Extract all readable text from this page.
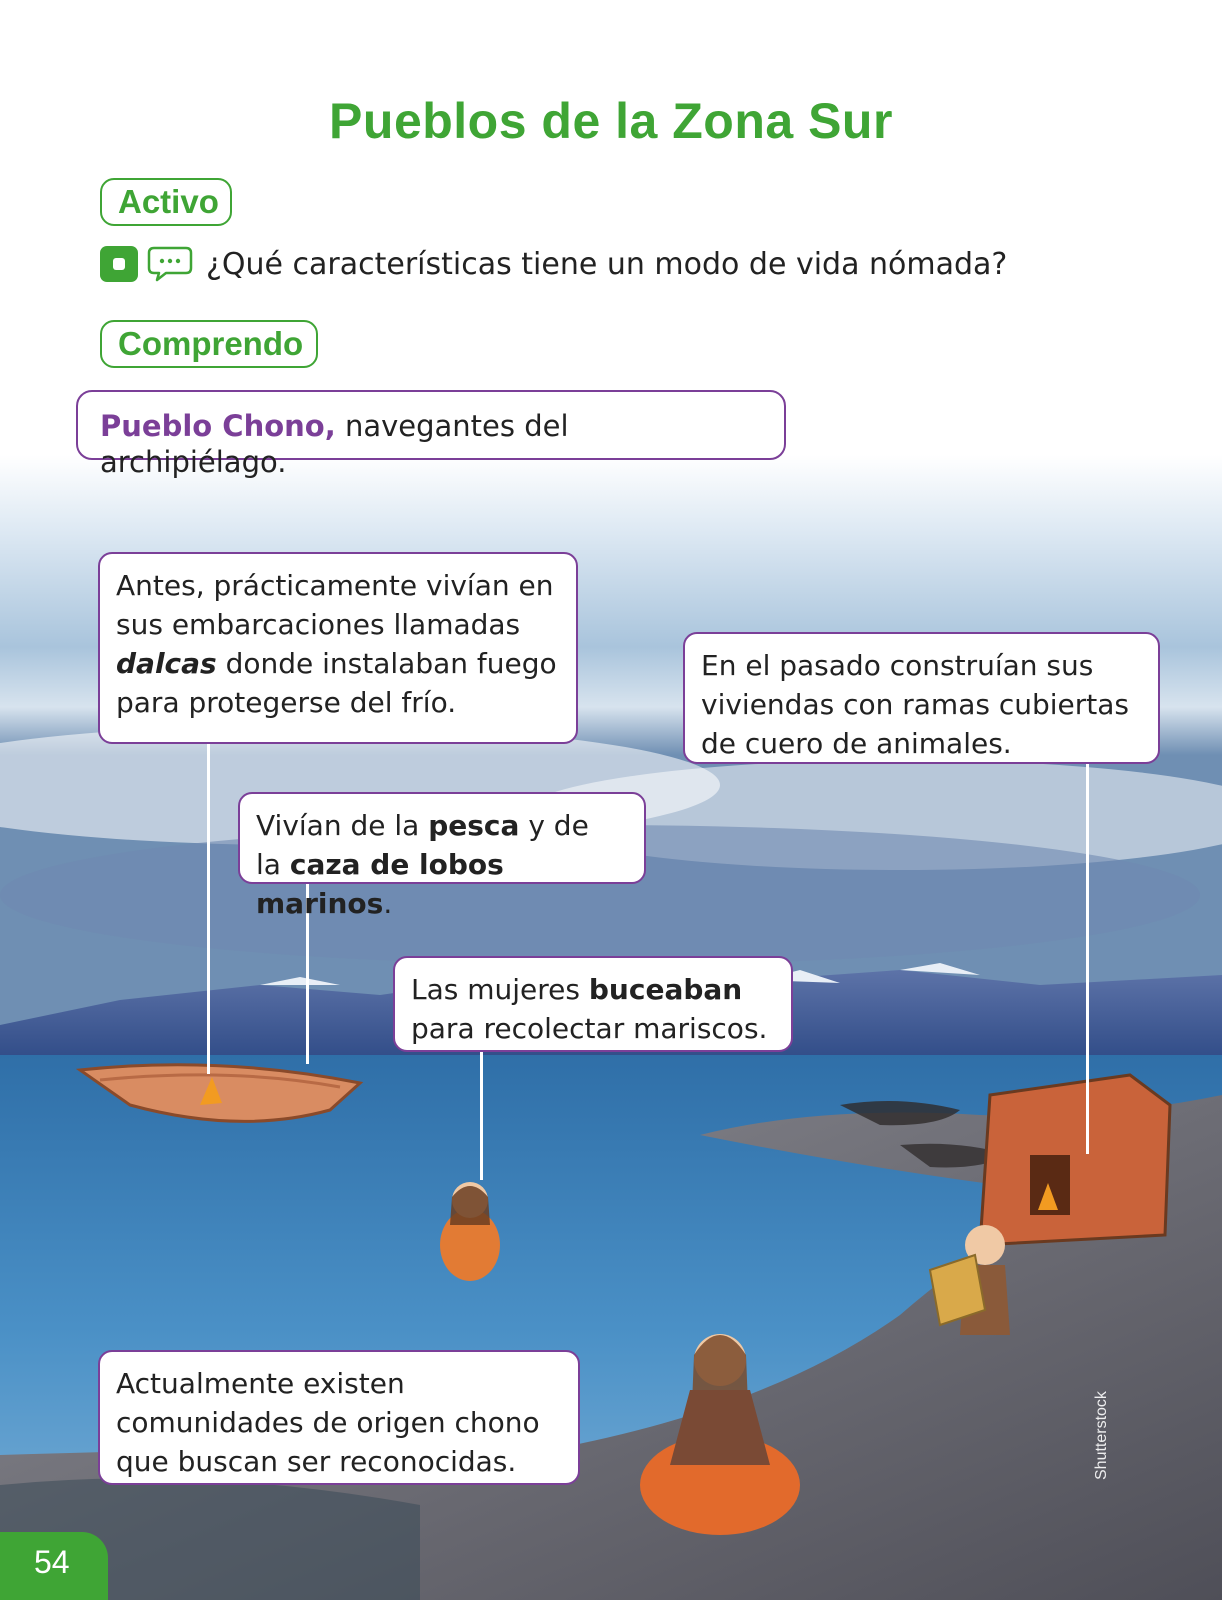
Pueblos de la Zona Sur
Activo
¿Qué características tiene un modo de vida nómada?
Comprendo
Pueblo Chono, navegantes del archipiélago.
Antes, prácticamente vivían en
sus embarcaciones llamadas
dalcas donde instalaban fuego
para protegerse del frío.
Vivían de la pesca y de
la caza de lobos marinos.
En el pasado construían sus
viviendas con ramas cubiertas
de cuero de animales.
Las mujeres buceaban
para recolectar mariscos.
Actualmente existen
comunidades de origen chono
que buscan ser reconocidas.	Shutterstock
54
